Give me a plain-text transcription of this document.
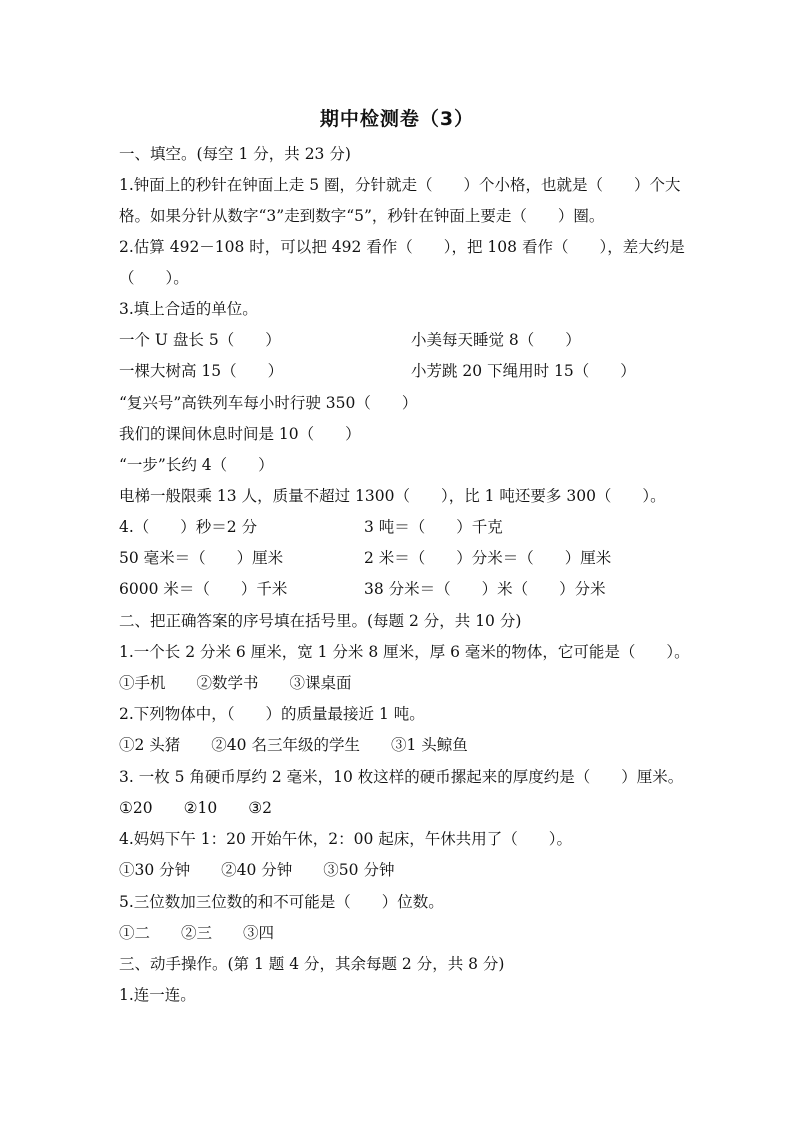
期中检测卷（3）
一、填空。(每空 1 分，共 23 分)
1.钟面上的秒针在钟面上走 5 圈，分针就走（　　）个小格，也就是（　　）个大
格。如果分针从数字“3”走到数字“5”，秒针在钟面上要走（　　）圈。
2.估算 492－108 时，可以把 492 看作（　　），把 108 看作（　　），差大约是
（　　）。
3.填上合适的单位。
一个 U 盘长 5（　　）	小美每天睡觉 8（　　）
一棵大树高 15（　　）	小芳跳 20 下绳用时 15（　　）
“复兴号”高铁列车每小时行驶 350（　　）
我们的课间休息时间是 10（　　）
“一步”长约 4（　　）
电梯一般限乘 13 人，质量不超过 1300（　　），比 1 吨还要多 300（　　）。
4.（　　）秒＝2 分	3 吨＝（　　）千克
50 毫米＝（　　）厘米	2 米＝（　　）分米＝（　　）厘米
6000 米＝（　　）千米	38 分米＝（　　）米（　　）分米
二、把正确答案的序号填在括号里。(每题 2 分，共 10 分)
1.一个长 2 分米 6 厘米，宽 1 分米 8 厘米，厚 6 毫米的物体，它可能是（　　）。
①手机　　②数学书　　③课桌面
2.下列物体中，（　　）的质量最接近 1 吨。
①2 头猪　　②40 名三年级的学生　　③1 头鲸鱼
3. 一枚 5 角硬币厚约 2 毫米，10 枚这样的硬币摞起来的厚度约是（　　）厘米。
①20　　②10　　③2
4.妈妈下午 1：20 开始午休，2：00 起床，午休共用了（　　）。
①30 分钟　　②40 分钟　　③50 分钟
5.三位数加三位数的和不可能是（　　）位数。
①二　　②三　　③四
三、动手操作。(第 1 题 4 分，其余每题 2 分，共 8 分)
1.连一连。
